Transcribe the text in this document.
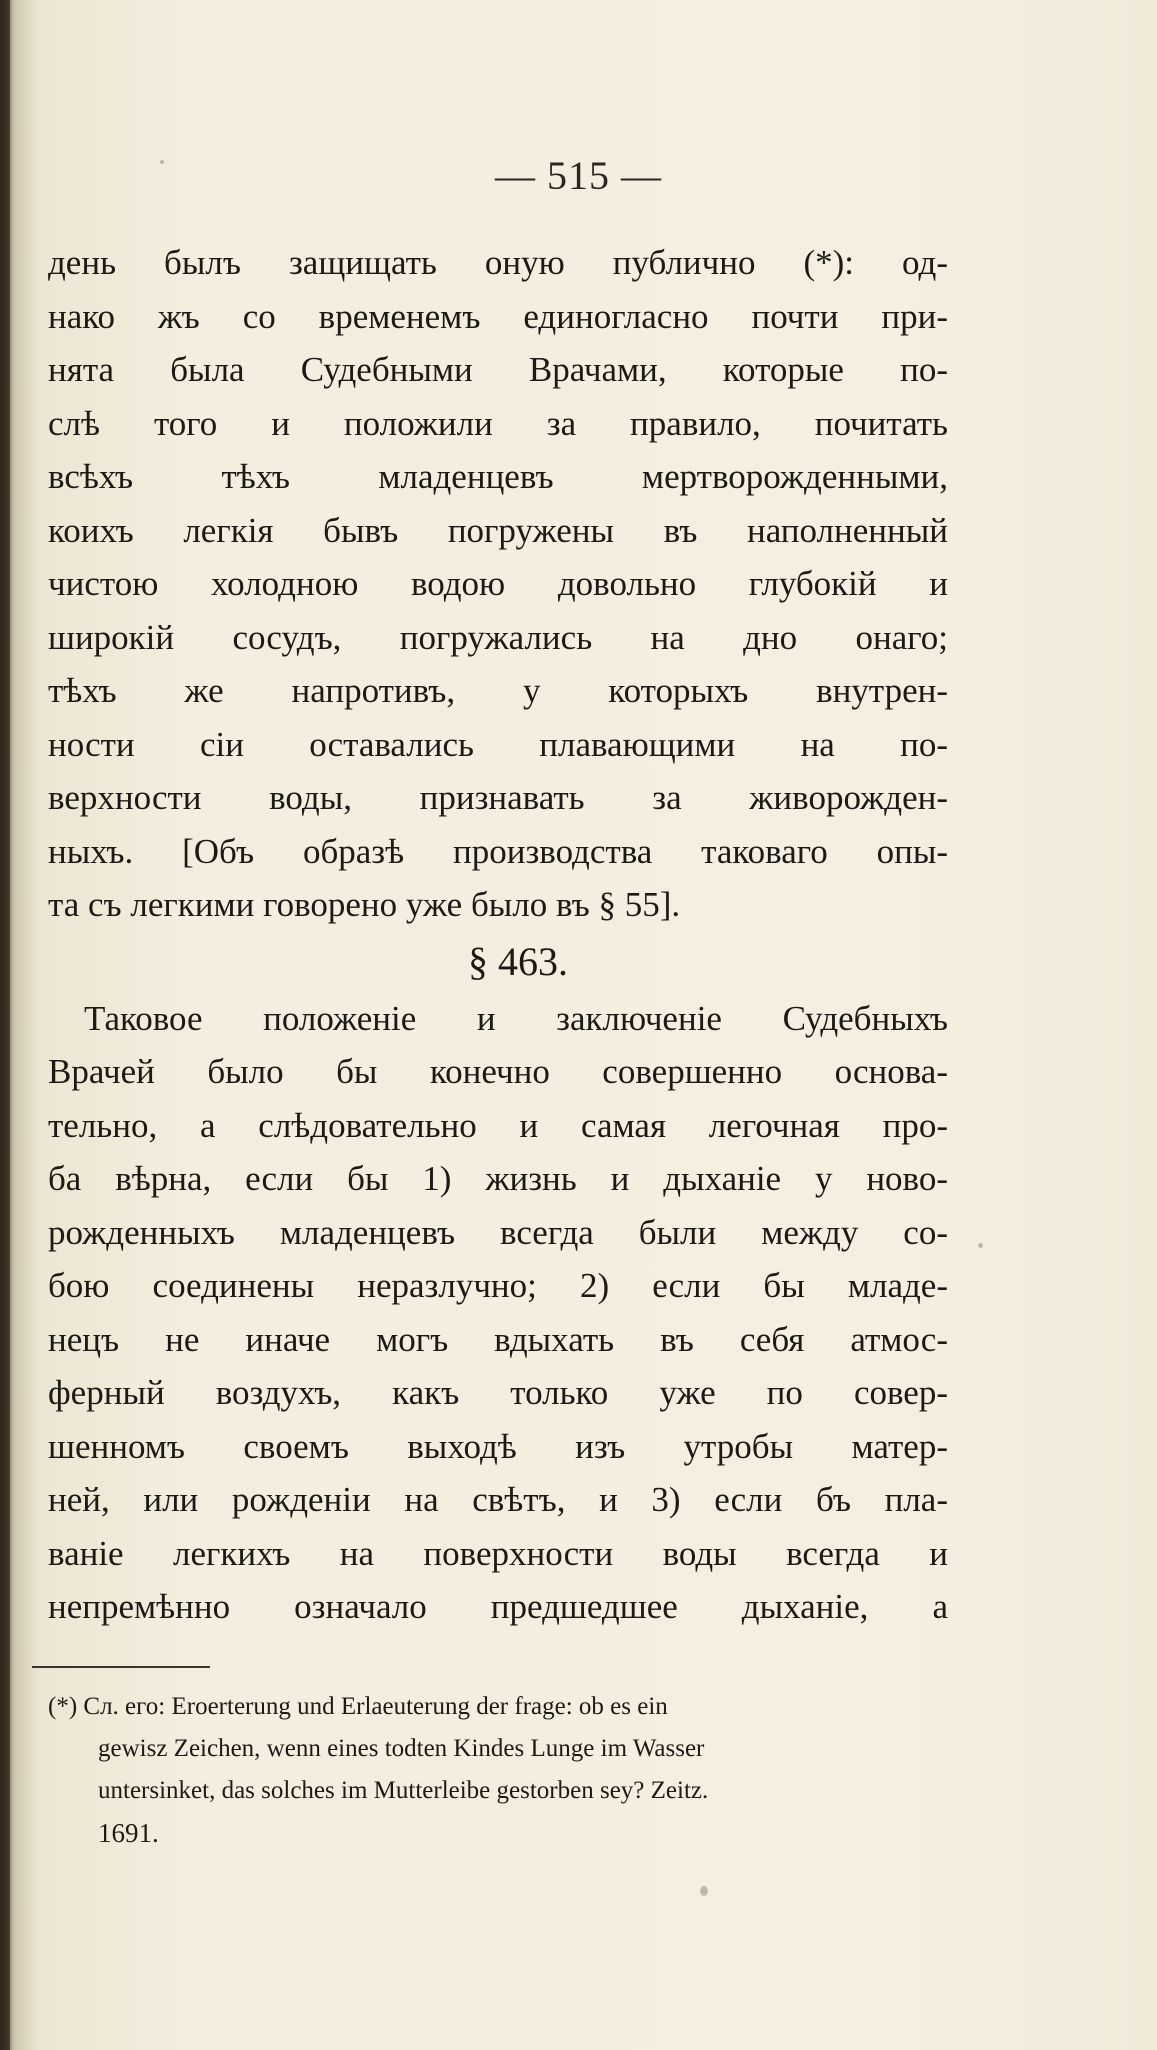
— 515 —
день былъ защищать оную публично (*): од-
нако жъ со временемъ единогласно почти при-
нята была Судебными Врачами, которые по-
слѣ того и положили за правило, почитать
всѣхъ тѣхъ младенцевъ мертворожденными,
коихъ легкія бывъ погружены въ наполненный
чистою холодною водою довольно глубокій и
широкій сосудъ, погружались на дно онаго;
тѣхъ же напротивъ, у которыхъ внутрен-
ности сіи оставались плавающими на по-
верхности воды, признавать за живорожден-
ныхъ. [Объ образѣ производства таковаго опы-
та съ легкими говорено уже было въ § 55].
§ 463.
Таковое положеніе и заключеніе Судебныхъ
Врачей было бы конечно совершенно основа-
тельно, а слѣдовательно и самая легочная про-
ба вѣрна, если бы 1) жизнь и дыханіе у ново-
рожденныхъ младенцевъ всегда были между со-
бою соединены неразлучно; 2) если бы младе-
нецъ не иначе могъ вдыхать въ себя атмос-
ферный воздухъ, какъ только уже по совер-
шенномъ своемъ выходѣ изъ утробы матер-
ней, или рожденіи на свѣтъ, и 3) если бъ пла-
ваніе легкихъ на поверхности воды всегда и
непремѣнно означало предшедшее дыханіе, а
(*) Сл. его: Eroerterung und Erlaeuterung der frage: ob es ein
gewisz Zeichen, wenn eines todten Kindes Lunge im Wasser
untersinket, das solches im Mutterleibe gestorben sey? Zeitz.
1691.
